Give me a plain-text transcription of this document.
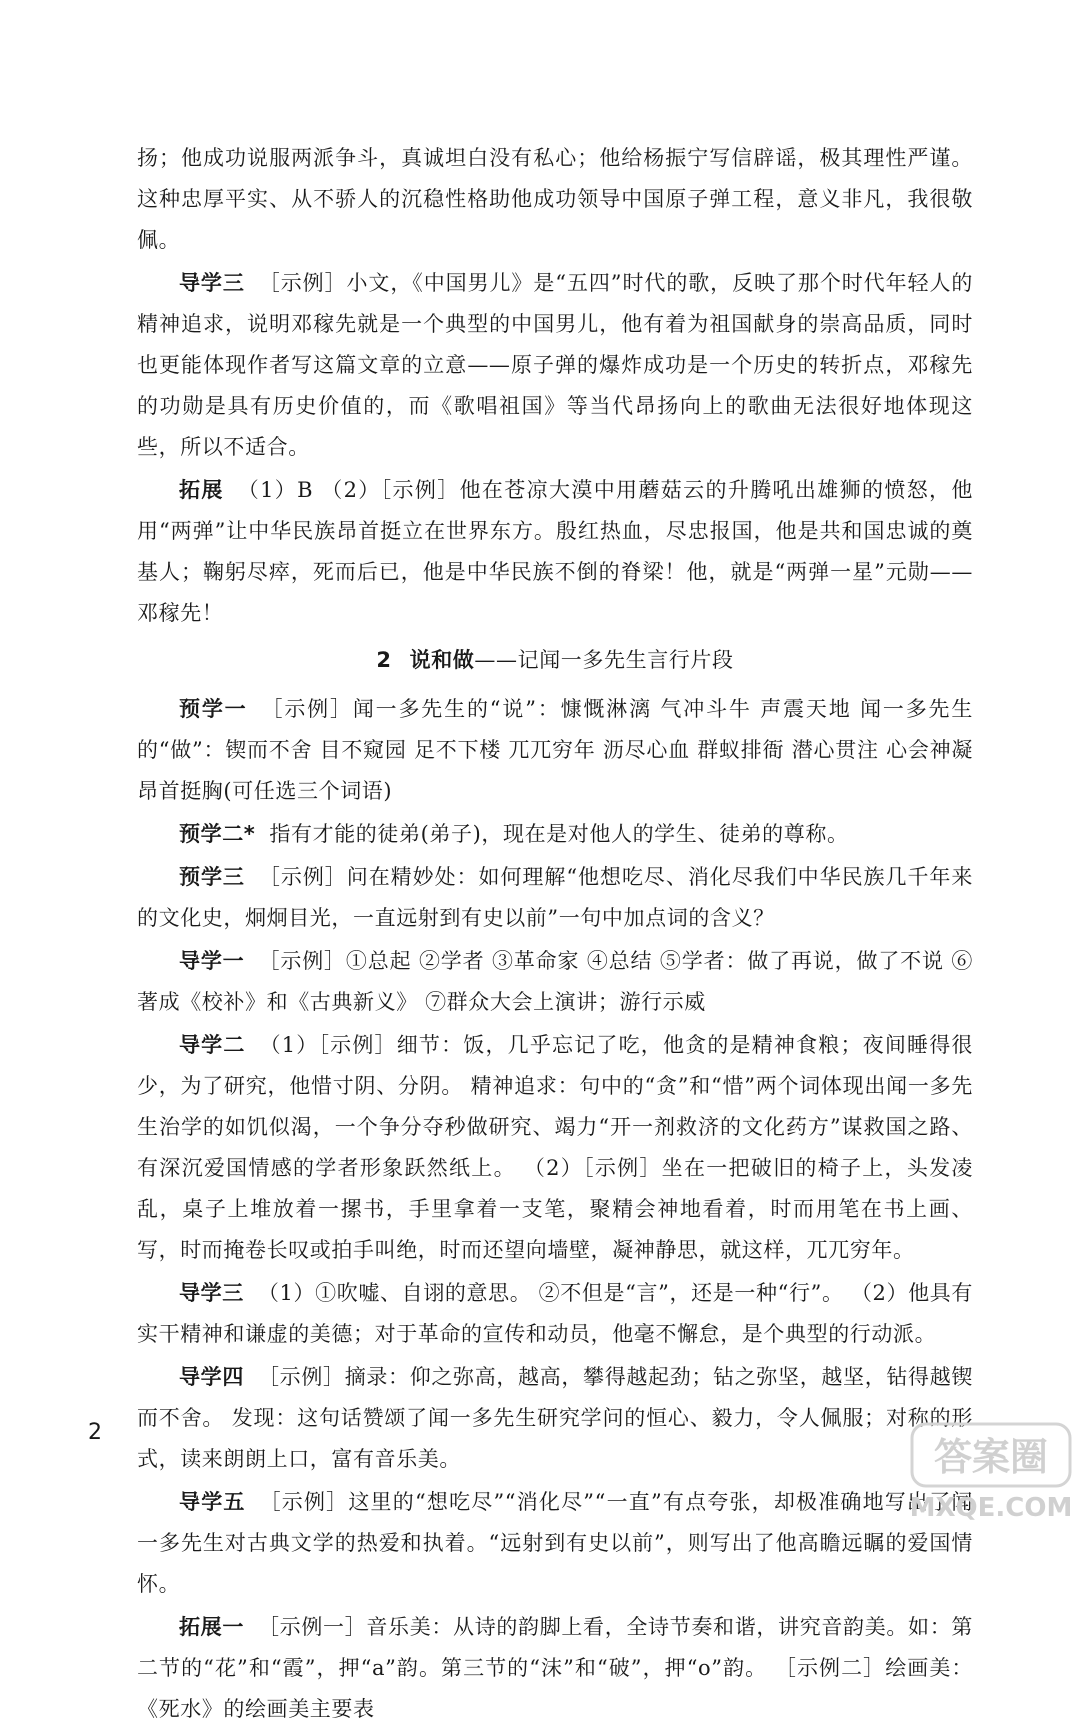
扬；他成功说服两派争斗，真诚坦白没有私心；他给杨振宁写信辟谣，极其理性严谨。这种忠厚平实、从不骄人的沉稳性格助他成功领导中国原子弹工程，意义非凡，我很敬佩。

导学三 ［示例］小文，《中国男儿》是“五四”时代的歌，反映了那个时代年轻人的精神追求，说明邓稼先就是一个典型的中国男儿，他有着为祖国献身的崇高品质，同时也更能体现作者写这篇文章的立意——原子弹的爆炸成功是一个历史的转折点，邓稼先的功勋是具有历史价值的，而《歌唱祖国》等当代昂扬向上的歌曲无法很好地体现这些，所以不适合。

拓展 （1）B （2）［示例］他在苍凉大漠中用蘑菇云的升腾吼出雄狮的愤怒，他用“两弹”让中华民族昂首挺立在世界东方。殷红热血，尽忠报国，他是共和国忠诚的奠基人；鞠躬尽瘁，死而后已，他是中华民族不倒的脊梁！他，就是“两弹一星”元勋——邓稼先！

2 说和做——记闻一多先生言行片段

预学一 ［示例］闻一多先生的“说”：慷慨淋漓 气冲斗牛 声震天地 闻一多先生的“做”：锲而不舍 目不窥园 足不下楼 兀兀穷年 沥尽心血 群蚁排衙 潜心贯注 心会神凝 昂首挺胸(可任选三个词语)

预学二* 指有才能的徒弟(弟子)，现在是对他人的学生、徒弟的尊称。

预学三 ［示例］问在精妙处：如何理解“他想吃尽、消化尽我们中华民族几千年来的文化史，炯炯目光，一直远射到有史以前”一句中加点词的含义？

导学一 ［示例］①总起 ②学者 ③革命家 ④总结 ⑤学者：做了再说，做了不说 ⑥著成《校补》和《古典新义》 ⑦群众大会上演讲；游行示威

导学二 （1）［示例］细节：饭，几乎忘记了吃，他贪的是精神食粮；夜间睡得很少，为了研究，他惜寸阴、分阴。 精神追求：句中的“贪”和“惜”两个词体现出闻一多先生治学的如饥似渴，一个争分夺秒做研究、竭力“开一剂救济的文化药方”谋救国之路、有深沉爱国情感的学者形象跃然纸上。 （2）［示例］坐在一把破旧的椅子上，头发凌乱，桌子上堆放着一摞书，手里拿着一支笔，聚精会神地看着，时而用笔在书上画、写，时而掩卷长叹或拍手叫绝，时而还望向墙壁，凝神静思，就这样，兀兀穷年。

导学三 （1）①吹嘘、自诩的意思。 ②不但是“言”，还是一种“行”。 （2）他具有实干精神和谦虚的美德；对于革命的宣传和动员，他毫不懈怠，是个典型的行动派。

导学四 ［示例］摘录：仰之弥高，越高，攀得越起劲；钻之弥坚，越坚，钻得越锲而不舍。 发现：这句话赞颂了闻一多先生研究学问的恒心、毅力，令人佩服；对称的形式，读来朗朗上口，富有音乐美。

导学五 ［示例］这里的“想吃尽”“消化尽”“一直”有点夸张，却极准确地写出了闻一多先生对古典文学的热爱和执着。“远射到有史以前”，则写出了他高瞻远瞩的爱国情怀。

拓展一 ［示例一］音乐美：从诗的韵脚上看，全诗节奏和谐，讲究音韵美。如：第二节的“花”和“霞”，押“a”韵。第三节的“沫”和“破”，押“o”韵。 ［示例二］绘画美：《死水》的绘画美主要表

2
答案圈
MXQE.COM
